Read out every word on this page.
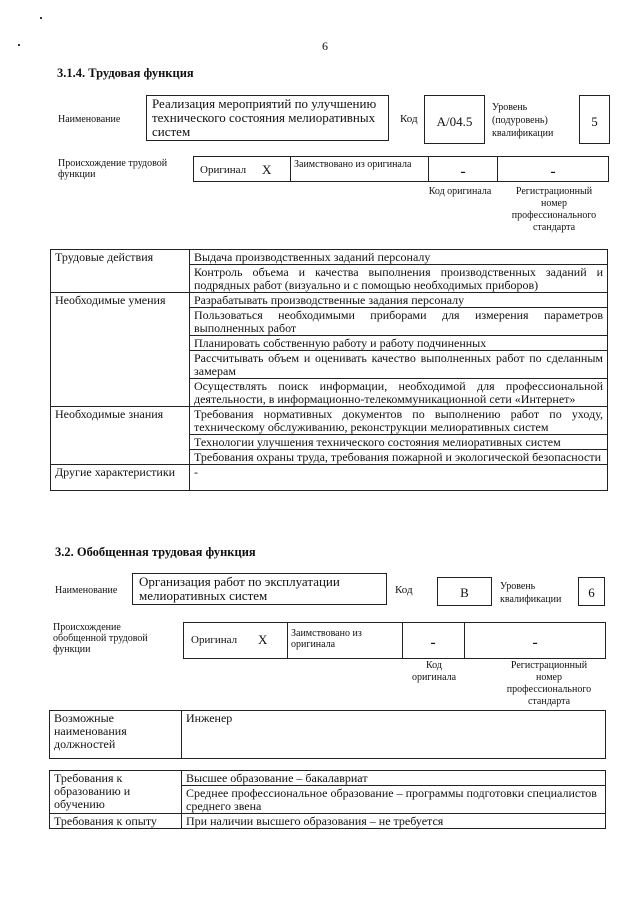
6
3.1.4. Трудовая функция
Наименование
Реализация мероприятий по улучшению технического состояния мелиоративных систем
Код	А/04.5
Уровень (подуровень) квалификации
5
Происхождение трудовой функции	Оригинал X Заимствовано из оригинала	-	-
Код оригинала	Регистрационный номер профессионального стандарта
Трудовые действия	Выдача производственных заданий персоналу
	Контроль объема и качества выполнения производственных заданий и подрядных работ (визуально и с помощью необходимых приборов)
Необходимые умения	Разрабатывать производственные задания персоналу
	Пользоваться необходимыми приборами для измерения параметров выполненных работ
	Планировать собственную работу и работу подчиненных
	Рассчитывать объем и оценивать качество выполненных работ по сделанным замерам
	Осуществлять поиск информации, необходимой для профессиональной деятельности, в информационно-телекоммуникационной сети «Интернет»
Необходимые знания	Требования нормативных документов по выполнению работ по уходу, техническому обслуживанию, реконструкции мелиоративных систем
	Технологии улучшения технического состояния мелиоративных систем
	Требования охраны труда, требования пожарной и экологической безопасности
Другие характеристики	-
3.2. Обобщенная трудовая функция
Наименование
Организация работ по эксплуатации мелиоративных систем	Код	В	Уровень квалификации	6
Происхождение обобщенной трудовой функции
Оригинал X Заимствовано из оригинала	-	-
Код оригинала
Регистрационный номер профессионального стандарта
Возможные наименования должностей	Инженер
Требования к образованию и обучению	Высшее образование – бакалавриат
	Среднее профессиональное образование – программы подготовки специалистов среднего звена
Требования к опыту	При наличии высшего образования – не требуется
